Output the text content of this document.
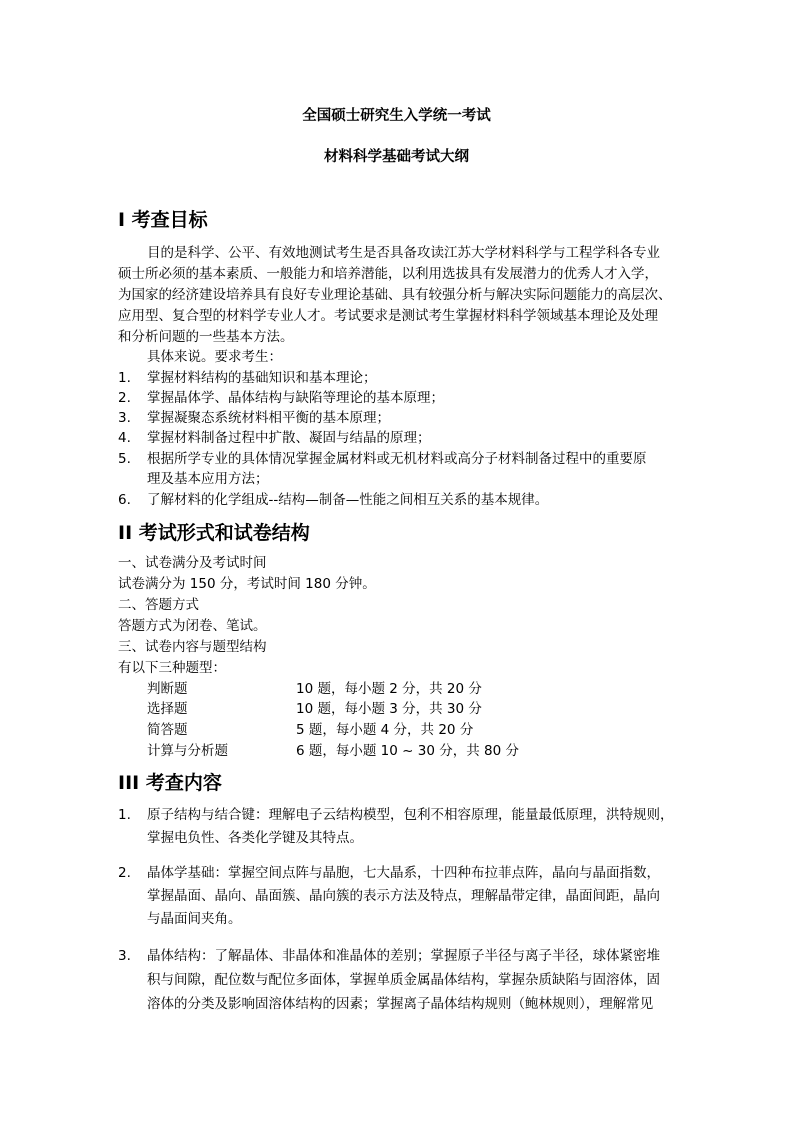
全国硕士研究生入学统一考试
材料科学基础考试大纲
I 考查目标
目的是科学、公平、有效地测试考生是否具备攻读江苏大学材料科学与工程学科各专业
硕士所必须的基本素质、一般能力和培养潜能，以利用选拔具有发展潜力的优秀人才入学，
为国家的经济建设培养具有良好专业理论基础、具有较强分析与解决实际问题能力的高层次、
应用型、复合型的材料学专业人才。考试要求是测试考生掌握材料科学领域基本理论及处理
和分析问题的一些基本方法。
具体来说。要求考生：
1. 掌握材料结构的基础知识和基本理论；
2. 掌握晶体学、晶体结构与缺陷等理论的基本原理；
3. 掌握凝聚态系统材料相平衡的基本原理；
4. 掌握材料制备过程中扩散、凝固与结晶的原理；
5. 根据所学专业的具体情况掌握金属材料或无机材料或高分子材料制备过程中的重要原
理及基本应用方法；
6. 了解材料的化学组成--结构—制备—性能之间相互关系的基本规律。
II 考试形式和试卷结构
一、试卷满分及考试时间
试卷满分为 150 分，考试时间 180 分钟。
二、答题方式
答题方式为闭卷、笔试。
三、试卷内容与题型结构
有以下三种题型：
判断题	10 题，每小题 2 分，共 20 分
选择题	10 题，每小题 3 分，共 30 分
简答题	5 题，每小题 4 分，共 20 分
计算与分析题	6 题，每小题 10 ~ 30 分，共 80 分
III 考查内容
1. 原子结构与结合键：理解电子云结构模型，包利不相容原理，能量最低原理，洪特规则，
掌握电负性、各类化学键及其特点。
2. 晶体学基础：掌握空间点阵与晶胞，七大晶系，十四种布拉菲点阵，晶向与晶面指数，
掌握晶面、晶向、晶面簇、晶向簇的表示方法及特点，理解晶带定律，晶面间距，晶向
与晶面间夹角。
3. 晶体结构：了解晶体、非晶体和准晶体的差别；掌握原子半径与离子半径，球体紧密堆
积与间隙，配位数与配位多面体，掌握单质金属晶体结构，掌握杂质缺陷与固溶体，固
溶体的分类及影响固溶体结构的因素；掌握离子晶体结构规则（鲍林规则），理解常见
